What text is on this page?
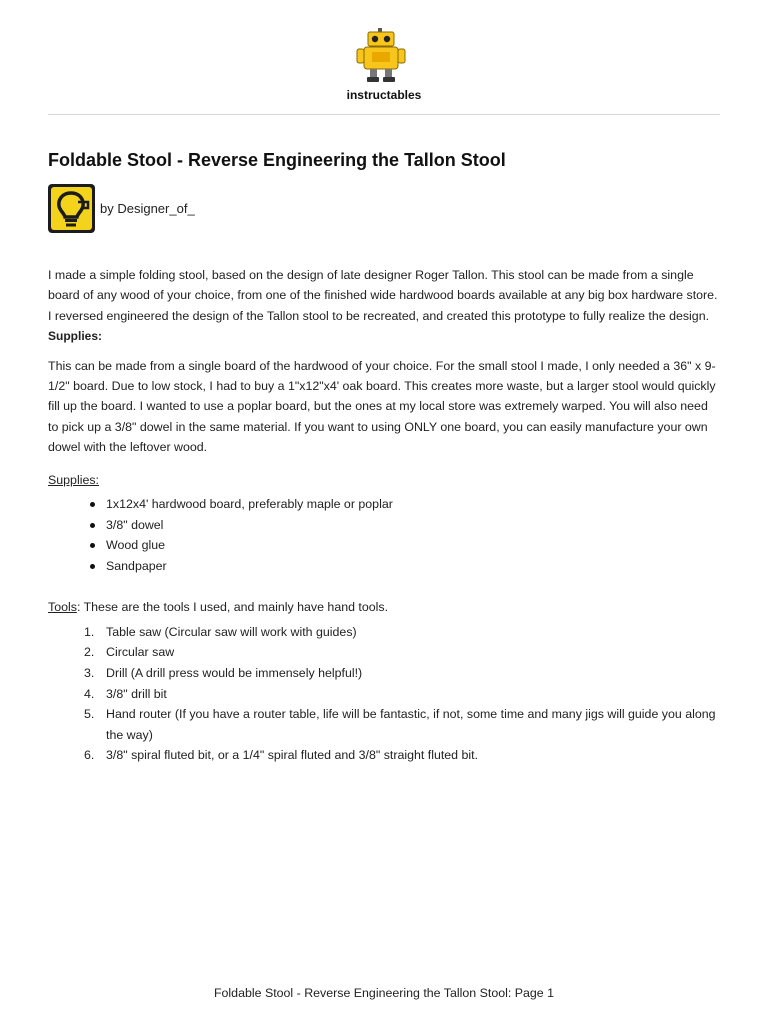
instructables
Foldable Stool - Reverse Engineering the Tallon Stool
by Designer_of_

I made a simple folding stool, based on the design of late designer Roger Tallon. This stool can be made from a single board of any wood of your choice, from one of the finished wide hardwood boards available at any big box hardware store. I reversed engineered the design of the Tallon stool to be recreated, and created this prototype to fully realize the design.

Supplies:

This can be made from a single board of the hardwood of your choice. For the small stool I made, I only needed a 36" x 9-1/2" board. Due to low stock, I had to buy a 1"x12"x4' oak board. This creates more waste, but a larger stool would quickly fill up the board. I wanted to use a poplar board, but the ones at my local store was extremely warped. You will also need to pick up a 3/8" dowel in the same material. If you want to using ONLY one board, you can easily manufacture your own dowel with the leftover wood.

Supplies:

1x12x4' hardwood board, preferably maple or poplar
3/8" dowel
Wood glue
Sandpaper

Tools: These are the tools I used, and mainly have hand tools.

1. Table saw (Circular saw will work with guides)
2. Circular saw
3. Drill (A drill press would be immensely helpful!)
4. 3/8" drill bit
5. Hand router (If you have a router table, life will be fantastic, if not, some time and many jigs will guide you along the way)
6. 3/8" spiral fluted bit, or a 1/4" spiral fluted and 3/8" straight fluted bit.
Foldable Stool - Reverse Engineering the Tallon Stool: Page 1
